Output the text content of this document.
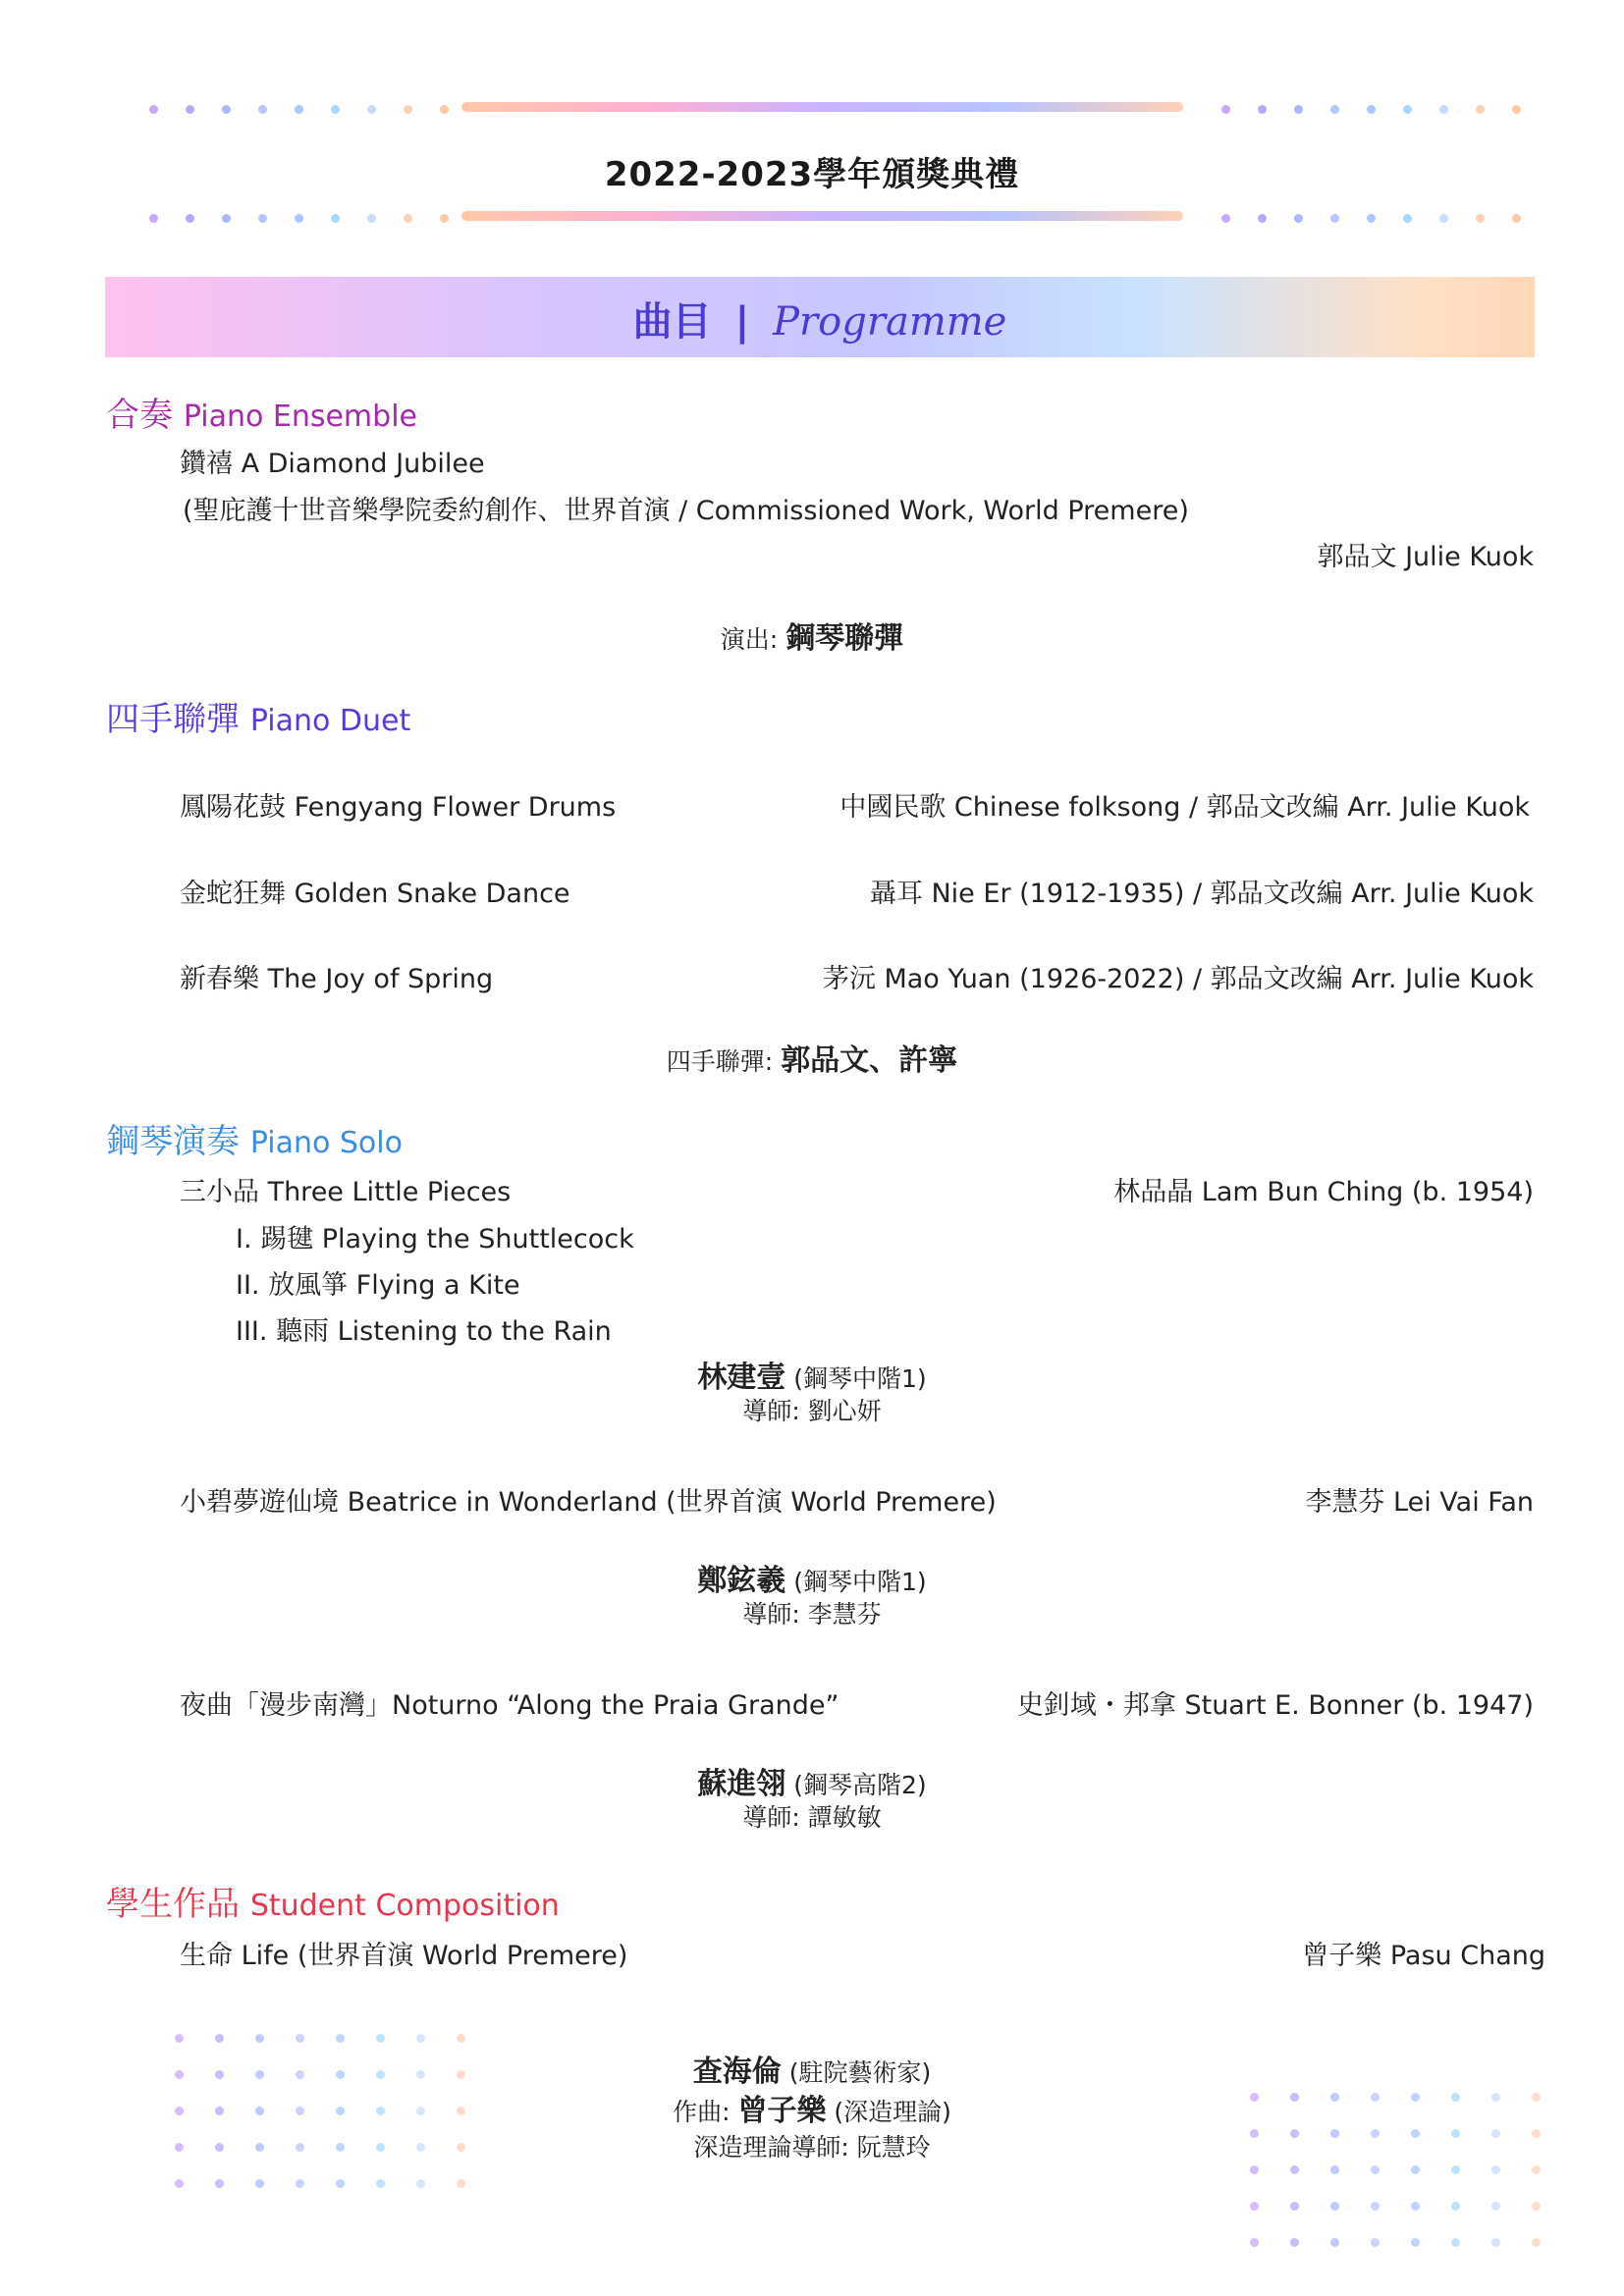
2022-2023學年頒獎典禮
曲目 | Programme
合奏 Piano Ensemble
鑽禧 A Diamond Jubilee
(聖庇護十世音樂學院委約創作、世界首演 / Commissioned Work, World Premere)
郭品文 Julie Kuok
演出: 鋼琴聯彈
四手聯彈 Piano Duet
鳳陽花鼓 Fengyang Flower Drums	中國民歌 Chinese folksong / 郭品文改編 Arr. Julie Kuok
金蛇狂舞 Golden Snake Dance	聶耳 Nie Er (1912-1935) / 郭品文改編 Arr. Julie Kuok
新春樂 The Joy of Spring	茅沅 Mao Yuan (1926-2022) / 郭品文改編 Arr. Julie Kuok
四手聯彈: 郭品文、許寧
鋼琴演奏 Piano Solo
三小品 Three Little Pieces	林品晶 Lam Bun Ching (b. 1954)
I. 踢毽 Playing the Shuttlecock
II. 放風箏 Flying a Kite
III. 聽雨 Listening to the Rain
林建壹 (鋼琴中階1)
導師: 劉心妍
小碧夢遊仙境 Beatrice in Wonderland (世界首演 World Premere)	李慧芬 Lei Vai Fan
鄭鉉羲 (鋼琴中階1)
導師: 李慧芬
夜曲「漫步南灣」Noturno “Along the Praia Grande”	史釗域・邦拿 Stuart E. Bonner (b. 1947)
蘇進翎 (鋼琴高階2)
導師: 譚敏敏
學生作品 Student Composition
生命 Life (世界首演 World Premere)	曾子樂 Pasu Chang
查海倫 (駐院藝術家)
作曲: 曾子樂 (深造理論)
深造理論導師: 阮慧玲
